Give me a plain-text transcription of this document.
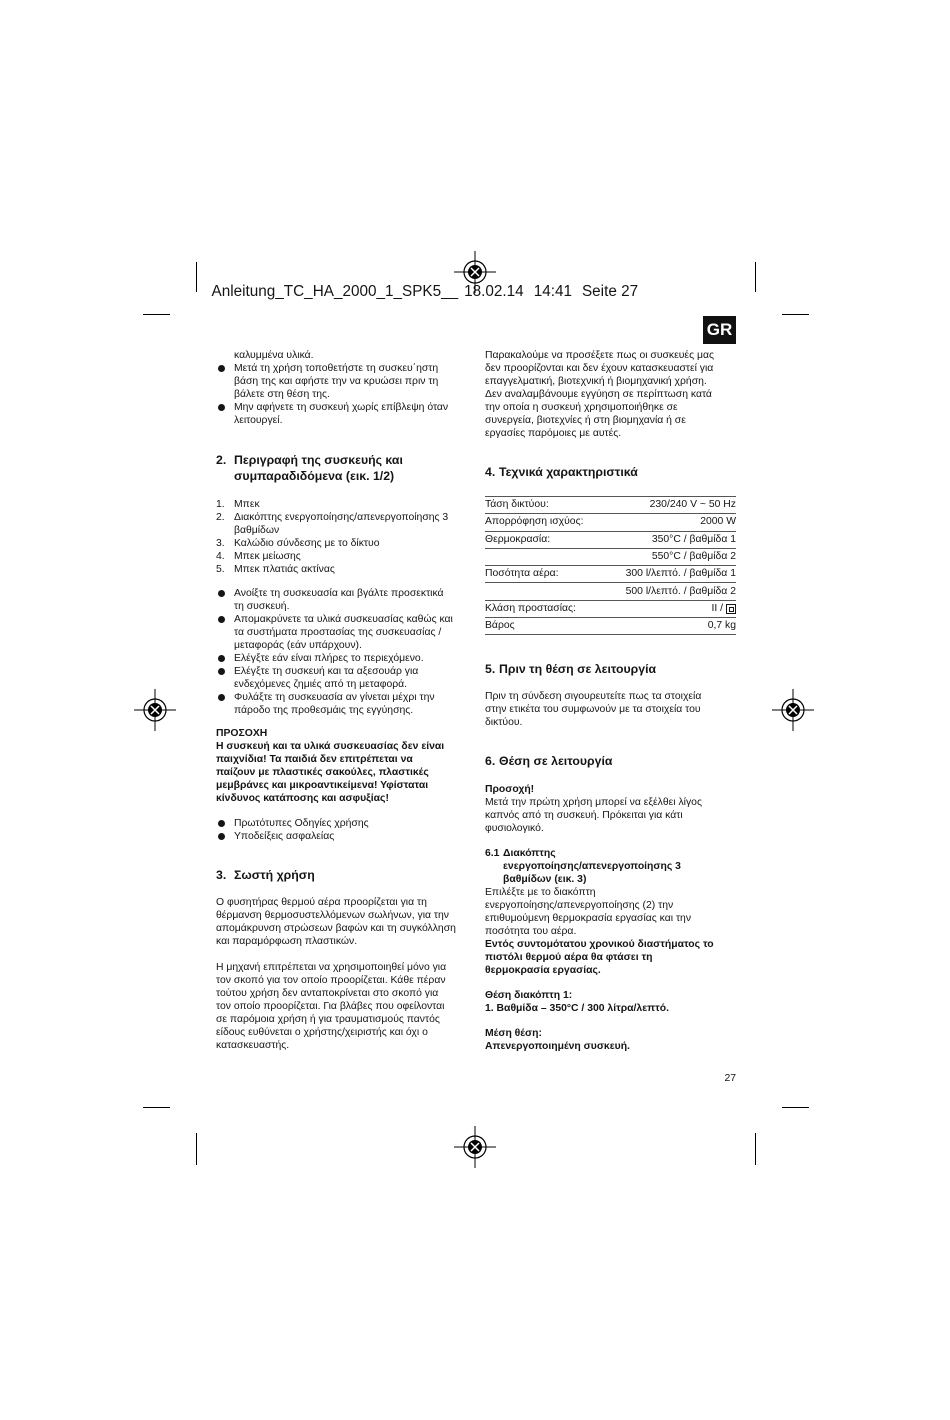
Anleitung_TC_HA_2000_1_SPK5__ 18.02.14 14:41 Seite 27

GR
καλυμμένα υλικά.
Μετά τη χρήση τοποθετήστε τη συσκευ΄ηστη
βάση της και αφήστε την να κρυώσει πριν τη
βάλετε στη θέση της.
Μην αφήνετε τη συσκευή χωρίς επίβλεψη όταν
λειτουργεί.
2. Περιγραφή της συσκευής και
συμπαραδιδόμενα (εικ. 1/2)
1. Μπεκ
2. Διακόπτης ενεργοποίησης/απενεργοποίησης 3
βαθμίδων
3. Καλώδιο σύνδεσης με το δίκτυο
4. Μπεκ μείωσης
5. Μπεκ πλατιάς ακτίνας
Ανοίξτε τη συσκευασία και βγάλτε προσεκτικά
τη συσκευή.
Απομακρύνετε τα υλικά συσκευασίας καθώς και
τα συστήματα προστασίας της συσκευασίας /
μεταφοράς (εάν υπάρχουν).
Ελέγξτε εάν είναι πλήρες το περιεχόμενο.
Ελέγξτε τη συσκευή και τα αξεσουάρ για
ενδεχόμενες ζημιές από τη μεταφορά.
Φυλάξτε τη συσκευασία αν γίνεται μέχρι την
πάροδο της προθεσμάις της εγγύησης.
ΠΡΟΣΟΧΗ
Η συσκευή και τα υλικά συσκευασίας δεν είναι
παιχνίδια! Τα παιδιά δεν επιτρέπεται να
παίζουν με πλαστικές σακούλες, πλαστικές
μεμβράνες και μικροαντικείμενα! Υφίσταται
κίνδυνος κατάποσης και ασφυξίας!
Πρωτότυπες Οδηγίες χρήσης
Υποδείξεις ασφαλείας
3. Σωστή χρήση
Ο φυσητήρας θερμού αέρα προορίζεται για τη
θέρμανση θερμοσυστελλόμενων σωλήνων, για την
απομάκρυνση στρώσεων βαφών και τη συγκόλληση
και παραμόρφωση πλαστικών.
Η μηχανή επιτρέπεται να χρησιμοποιηθεί μόνο για
τον σκοπό για τον οποίο προορίζεται. Κάθε πέραν
τούτου χρήση δεν ανταποκρίνεται στο σκοπό για
τον οποίο προορίζεται. Για βλάβες που οφείλονται
σε παρόμοια χρήση ή για τραυματισμούς παντός
είδους ευθύνεται ο χρήστης/χειριστής και όχι ο
κατασκευαστής.
Παρακαλούμε να προσέξετε πως οι συσκευές μας
δεν προορίζονται και δεν έχουν κατασκευαστεί για
επαγγελματική, βιοτεχνική ή βιομηχανική χρήση.
Δεν αναλαμβάνουμε εγγύηση σε περίπτωση κατά
την οποία η συσκευή χρησιμοποιήθηκε σε
συνεργεία, βιοτεχνίες ή στη βιομηχανία ή σε
εργασίες παρόμοιες με αυτές.
4. Τεχνικά χαρακτηριστικά
Τάση δικτύου:	230/240 V ~ 50 Hz
Απορρόφηση ισχύος:	2000 W
Θερμοκρασία:	350°C / βαθμίδα 1
550°C / βαθμίδα 2
Ποσότητα αέρα:	300 l/λεπτό. / βαθμίδα 1
500 l/λεπτό. / βαθμίδα 2
Κλάση προστασίας:	II /
Βάρος	0,7 kg
5. Πριν τη θέση σε λειτουργία
Πριν τη σύνδεση σιγουρευτείτε πως τα στοιχεία
στην ετικέτα του συμφωνούν με τα στοιχεία του
δικτύου.
6. Θέση σε λειτουργία
Προσοχή!
Μετά την πρώτη χρήση μπορεί να εξέλθει λίγος
καπνός από τη συσκευή. Πρόκειται για κάτι
φυσιολογικό.
6.1 Διακόπτης
ενεργοποίησης/απενεργοποίησης 3
βαθμίδων (εικ. 3)
Επιλέξτε με το διακόπτη
ενεργοποίησης/απενεργοποίησης (2) την
επιθυμούμενη θερμοκρασία εργασίας και την
ποσότητα του αέρα.
Εντός συντομότατου χρονικού διαστήματος το
πιστόλι θερμού αέρα θα φτάσει τη
θερμοκρασία εργασίας.
Θέση διακόπτη 1:
1. Βαθμίδα – 350°C / 300 λίτρα/λεπτό.
Μέση θέση:
Απενεργοποιημένη συσκευή.
27
